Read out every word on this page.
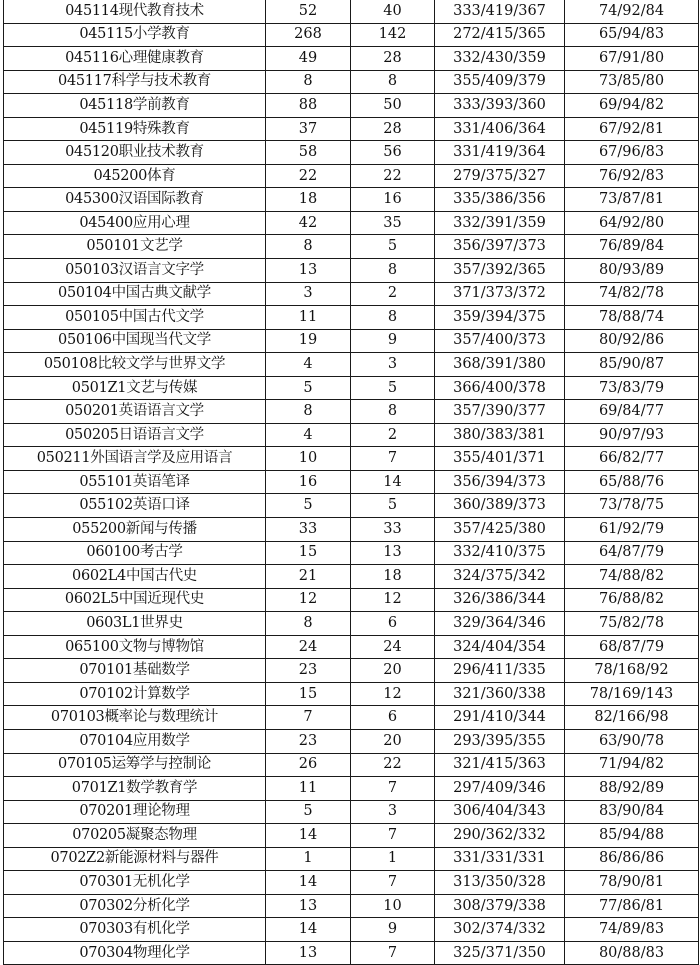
045114现代教育技术	52	40	333/419/367	74/92/84
045115小学教育	268	142	272/415/365	65/94/83
045116心理健康教育	49	28	332/430/359	67/91/80
045117科学与技术教育	8	8	355/409/379	73/85/80
045118学前教育	88	50	333/393/360	69/94/82
045119特殊教育	37	28	331/406/364	67/92/81
045120职业技术教育	58	56	331/419/364	67/96/83
045200体育	22	22	279/375/327	76/92/83
045300汉语国际教育	18	16	335/386/356	73/87/81
045400应用心理	42	35	332/391/359	64/92/80
050101文艺学	8	5	356/397/373	76/89/84
050103汉语言文字学	13	8	357/392/365	80/93/89
050104中国古典文献学	3	2	371/373/372	74/82/78
050105中国古代文学	11	8	359/394/375	78/88/74
050106中国现当代文学	19	9	357/400/373	80/92/86
050108比较文学与世界文学	4	3	368/391/380	85/90/87
0501Z1文艺与传媒	5	5	366/400/378	73/83/79
050201英语语言文学	8	8	357/390/377	69/84/77
050205日语语言文学	4	2	380/383/381	90/97/93
050211外国语言学及应用语言	10	7	355/401/371	66/82/77
055101英语笔译	16	14	356/394/373	65/88/76
055102英语口译	5	5	360/389/373	73/78/75
055200新闻与传播	33	33	357/425/380	61/92/79
060100考古学	15	13	332/410/375	64/87/79
0602L4中国古代史	21	18	324/375/342	74/88/82
0602L5中国近现代史	12	12	326/386/344	76/88/82
0603L1世界史	8	6	329/364/346	75/82/78
065100文物与博物馆	24	24	324/404/354	68/87/79
070101基础数学	23	20	296/411/335	78/168/92
070102计算数学	15	12	321/360/338	78/169/143
070103概率论与数理统计	7	6	291/410/344	82/166/98
070104应用数学	23	20	293/395/355	63/90/78
070105运筹学与控制论	26	22	321/415/363	71/94/82
0701Z1数学教育学	11	7	297/409/346	88/92/89
070201理论物理	5	3	306/404/343	83/90/84
070205凝聚态物理	14	7	290/362/332	85/94/88
0702Z2新能源材料与器件	1	1	331/331/331	86/86/86
070301无机化学	14	7	313/350/328	78/90/81
070302分析化学	13	10	308/379/338	77/86/81
070303有机化学	14	9	302/374/332	74/89/83
070304物理化学	13	7	325/371/350	80/88/83
